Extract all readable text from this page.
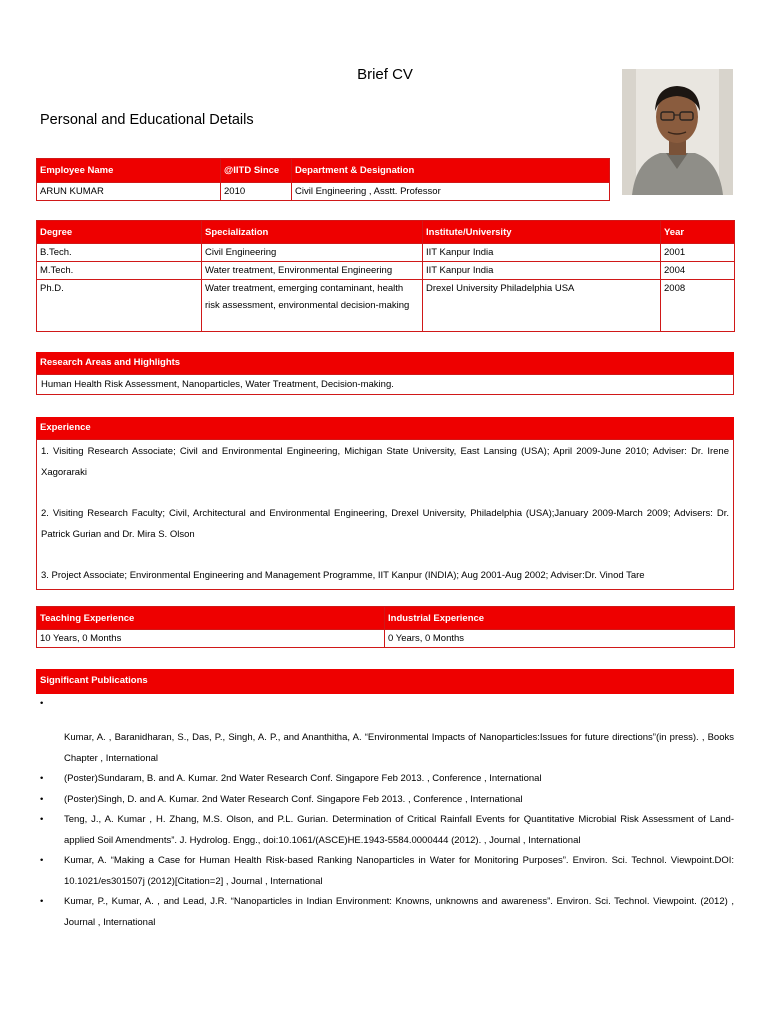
Brief CV
Personal and Educational Details
Employee Name	@IITD Since	Department & Designation
ARUN KUMAR	2010	Civil Engineering , Asstt. Professor
Degree	Specialization	Institute/University	Year
B.Tech.	Civil Engineering	IIT Kanpur India	2001
M.Tech.	Water treatment, Environmental Engineering	IIT Kanpur India	2004
Ph.D.	Water treatment, emerging contaminant, health risk assessment, environmental decision-making	Drexel University Philadelphia USA	2008
Research Areas and Highlights
Human Health Risk Assessment, Nanoparticles, Water Treatment, Decision-making.
Experience
1. Visiting Research Associate; Civil and Environmental Engineering, Michigan State University, East Lansing (USA); April 2009-June 2010; Adviser: Dr. Irene Xagoraraki
2. Visiting Research Faculty; Civil, Architectural and Environmental Engineering, Drexel University, Philadelphia (USA);January 2009-March 2009; Advisers: Dr. Patrick Gurian and Dr. Mira S. Olson
3. Project Associate; Environmental Engineering and Management Programme, IIT Kanpur (INDIA); Aug 2001-Aug 2002; Adviser:Dr. Vinod Tare
Teaching Experience	Industrial Experience
10 Years, 0 Months	0 Years, 0 Months
Significant Publications
•
Kumar, A. , Baranidharan, S., Das, P., Singh, A. P., and Ananthitha, A. “Environmental Impacts of Nanoparticles:Issues for future directions”(in press). , Books Chapter , International
• (Poster)Sundaram, B. and A. Kumar. 2nd Water Research Conf. Singapore Feb 2013. , Conference , International
• (Poster)Singh, D. and A. Kumar. 2nd Water Research Conf. Singapore Feb 2013. , Conference , International
• Teng, J., A. Kumar , H. Zhang, M.S. Olson, and P.L. Gurian. Determination of Critical Rainfall Events for Quantitative Microbial Risk Assessment of Land-applied Soil Amendments”. J. Hydrolog. Engg., doi:10.1061/(ASCE)HE.1943-5584.0000444 (2012). , Journal , International
• Kumar, A. “Making a Case for Human Health Risk-based Ranking Nanoparticles in Water for Monitoring Purposes”. Environ. Sci. Technol. Viewpoint.DOI: 10.1021/es301507j (2012)[Citation=2] , Journal , International
• Kumar, P., Kumar, A. , and Lead, J.R. “Nanoparticles in Indian Environment: Knowns, unknowns and awareness”. Environ. Sci. Technol. Viewpoint. (2012) , Journal , International
